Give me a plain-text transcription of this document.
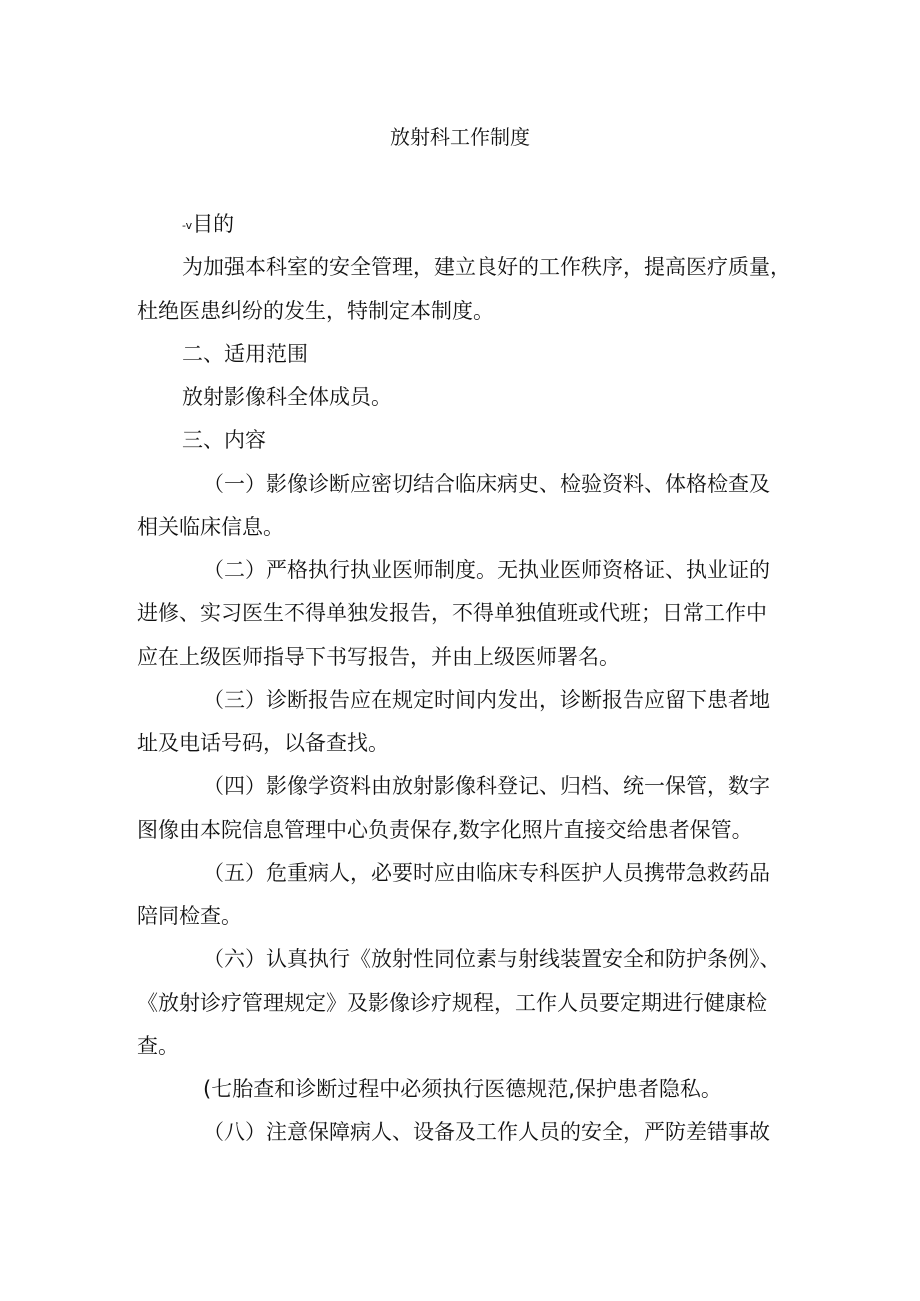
放射科工作制度
-v目的
为加强本科室的安全管理，建立良好的工作秩序，提高医疗质量，
杜绝医患纠纷的发生，特制定本制度。
二、适用范围
放射影像科全体成员。
三、内容
（一）影像诊断应密切结合临床病史、检验资料、体格检查及
相关临床信息。
（二）严格执行执业医师制度。无执业医师资格证、执业证的
进修、实习医生不得单独发报告，不得单独值班或代班；日常工作中
应在上级医师指导下书写报告，并由上级医师署名。
（三）诊断报告应在规定时间内发出，诊断报告应留下患者地
址及电话号码，以备查找。
（四）影像学资料由放射影像科登记、归档、统一保管，数字
图像由本院信息管理中心负责保存,数字化照片直接交给患者保管。
（五）危重病人，必要时应由临床专科医护人员携带急救药品
陪同检查。
（六）认真执行《放射性同位素与射线装置安全和防护条例》、
《放射诊疗管理规定》及影像诊疗规程，工作人员要定期进行健康检
查。
(七胎查和诊断过程中必须执行医德规范,保护患者隐私。
（八）注意保障病人、设备及工作人员的安全，严防差错事故
